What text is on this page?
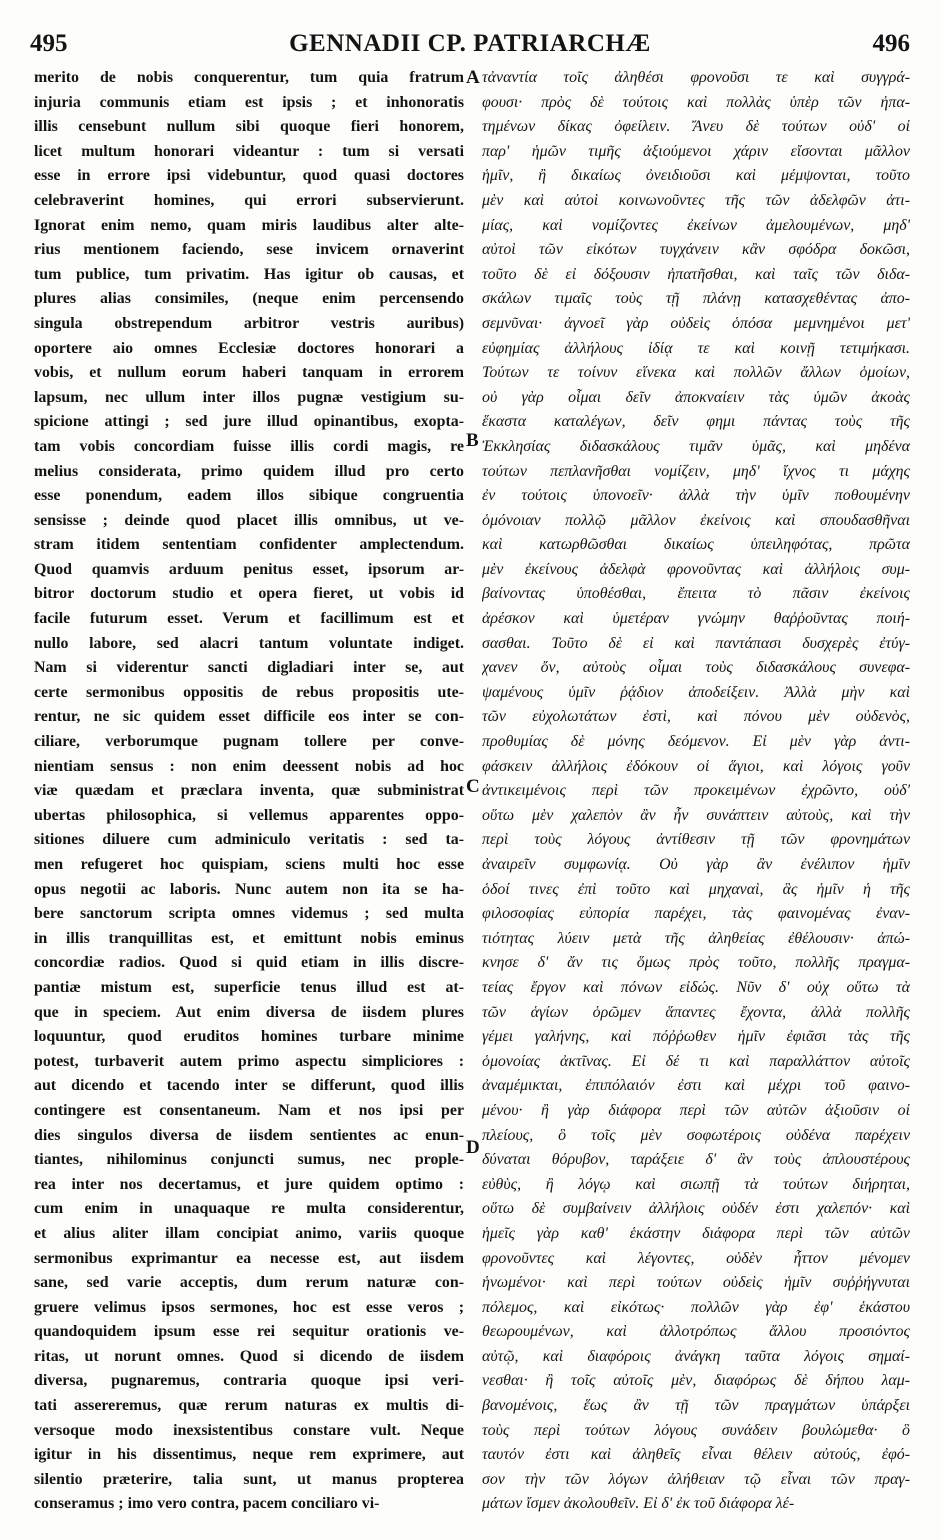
495	GENNADII CP. PATRIARCHÆ	496
merito de nobis conquerentur, tum quia fratrum
injuria communis etiam est ipsis ; et inhonoratis
illis censebunt nullum sibi quoque fieri honorem,
licet multum honorari videantur : tum si versati
esse in errore ipsi videbuntur, quod quasi doctores
celebraverint homines, qui errori subservierunt.
Ignorat enim nemo, quam miris laudibus alter alte-
rius mentionem faciendo, sese invicem ornaverint
tum publice, tum privatim. Has igitur ob causas, et
plures alias consimiles, (neque enim percensendo
singula obstrependum arbitror vestris auribus)
oportere aio omnes Ecclesiæ doctores honorari a
vobis, et nullum eorum haberi tanquam in errorem
lapsum, nec ullum inter illos pugnæ vestigium su-
spicione attingi ; sed jure illud opinantibus, exopta-
tam vobis concordiam fuisse illis cordi magis, re
melius considerata, primo quidem illud pro certo
esse ponendum, eadem illos sibique congruentia
sensisse ; deinde quod placet illis omnibus, ut ve-
stram itidem sententiam confidenter amplectendum.
Quod quamvis arduum penitus esset, ipsorum ar-
bitror doctorum studio et opera fieret, ut vobis id
facile futurum esset. Verum et facillimum est et
nullo labore, sed alacri tantum voluntate indiget.
Nam si viderentur sancti digladiari inter se, aut
certe sermonibus oppositis de rebus propositis ute-
rentur, ne sic quidem esset difficile eos inter se con-
ciliare, verborumque pugnam tollere per conve-
nientiam sensus : non enim deessent nobis ad hoc
viæ quædam et præclara inventa, quæ subministrat
ubertas philosophica, si vellemus apparentes oppo-
sitiones diluere cum adminiculo veritatis : sed ta-
men refugeret hoc quispiam, sciens multi hoc esse
opus negotii ac laboris. Nunc autem non ita se ha-
bere sanctorum scripta omnes videmus ; sed multa
in illis tranquillitas est, et emittunt nobis eminus
concordiæ radios. Quod si quid etiam in illis discre-
pantiæ mistum est, superficie tenus illud est at-
que in speciem. Aut enim diversa de iisdem plures
loquuntur, quod eruditos homines turbare minime
potest, turbaverit autem primo aspectu simpliciores :
aut dicendo et tacendo inter se differunt, quod illis
contingere est consentaneum. Nam et nos ipsi per
dies singulos diversa de iisdem sentientes ac enun-
tiantes, nihilominus conjuncti sumus, nec prople-
rea inter nos decertamus, et jure quidem optimo :
cum enim in unaquaque re multa considerentur,
et alius aliter illam concipiat animo, variis quoque
sermonibus exprimantur ea necesse est, aut iisdem
sane, sed varie acceptis, dum rerum naturæ con-
gruere velimus ipsos sermones, hoc est esse veros ;
quandoquidem ipsum esse rei sequitur orationis ve-
ritas, ut norunt omnes. Quod si dicendo de iisdem
diversa, pugnaremus, contraria quoque ipsi veri-
tati assereremus, quæ rerum naturas ex multis di-
versoque modo inexsistentibus constare vult. Neque
igitur in his dissentimus, neque rem exprimere, aut
silentio præterire, talia sunt, ut manus propterea
conseramus ; imo vero contra, pacem conciliaro vi-
τἀναντία τοῖς ἀληθέσι φρονοῦσι τε καὶ συγγρά-
φουσι· πρὸς δὲ τούτοις καὶ πολλὰς ὑπὲρ τῶν ἠπα-
τημένων δίκας ὀφείλειν. Ἄνευ δὲ τούτων οὐδ' οἱ
παρ' ἡμῶν τιμῆς ἀξιούμενοι χάριν εἴσονται μᾶλλον
ἡμῖν, ἢ δικαίως ὀνειδιοῦσι καὶ μέμψονται, τοῦτο
μὲν καὶ αὐτοὶ κοινωνοῦντες τῆς τῶν ἀδελφῶν ἀτι-
μίας, καὶ νομίζοντες ἐκείνων ἀμελουμένων, μηδ'
αὐτοὶ τῶν εἰκότων τυγχάνειν κἂν σφόδρα δοκῶσι,
τοῦτο δὲ εἰ δόξουσιν ἠπατῆσθαι, καὶ ταῖς τῶν διδα-
σκάλων τιμαῖς τοὺς τῇ πλάνῃ κατασχεθέντας ἀπο-
σεμνῦναι· ἀγνοεῖ γὰρ οὐδεὶς ὁπόσα μεμνημένοι μετ'
εὐφημίας ἀλλήλους ἰδίᾳ τε καὶ κοινῇ τετιμήκασι.
Τούτων τε τοίνυν εἵνεκα καὶ πολλῶν ἄλλων ὁμοίων,
οὐ γὰρ οἶμαι δεῖν ἀποκναίειν τὰς ὑμῶν ἀκοὰς
ἕκαστα καταλέγων, δεῖν φημι πάντας τοὺς τῆς
Ἐκκλησίας διδασκάλους τιμᾶν ὑμᾶς, καὶ μηδένα
τούτων πεπλανῆσθαι νομίζειν, μηδ' ἴχνος τι μάχης
ἐν τούτοις ὑπονοεῖν· ἀλλὰ τὴν ὑμῖν ποθουμένην
ὁμόνοιαν πολλῷ μᾶλλον ἐκείνοις καὶ σπουδασθῆναι
καὶ κατωρθῶσθαι δικαίως ὑπειληφότας, πρῶτα
μὲν ἐκείνους ἀδελφὰ φρονοῦντας καὶ ἀλλήλοις συμ-
βαίνοντας ὑποθέσθαι, ἔπειτα τὸ πᾶσιν ἐκείνοις
ἀρέσκον καὶ ὑμετέραν γνώμην θαῤῥοῦντας ποιή-
σασθαι. Τοῦτο δὲ εἰ καὶ παντάπασι δυσχερὲς ἐτύγ-
χανεν ὄν, αὐτοὺς οἶμαι τοὺς διδασκάλους συνεφα-
ψαμένους ὑμῖν ῥᾴδιον ἀποδείξειν. Ἀλλὰ μὴν καὶ
τῶν εὐχολωτάτων ἐστὶ, καὶ πόνου μὲν οὐδενὸς,
προθυμίας δὲ μόνης δεόμενον. Εἰ μὲν γὰρ ἀντι-
φάσκειν ἀλλήλοις ἐδόκουν οἱ ἅγιοι, καὶ λόγοις γοῦν
ἀντικειμένοις περὶ τῶν προκειμένων ἐχρῶντο, οὐδ'
οὕτω μὲν χαλεπὸν ἂν ἦν συνάπτειν αὐτοὺς, καὶ τὴν
περὶ τοὺς λόγους ἀντίθεσιν τῇ τῶν φρονημάτων
ἀναιρεῖν συμφωνίᾳ. Οὐ γὰρ ἂν ἐνέλιπον ἡμῖν
ὁδοί τινες ἐπὶ τοῦτο καὶ μηχαναὶ, ἃς ἡμῖν ἡ τῆς
φιλοσοφίας εὐπορία παρέχει, τὰς φαινομένας ἐναν-
τιότητας λύειν μετὰ τῆς ἀληθείας ἐθέλουσιν· ἀπώ-
κνησε δ' ἄν τις ὅμως πρὸς τοῦτο, πολλῆς πραγμα-
τείας ἔργον καὶ πόνων εἰδώς. Νῦν δ' οὐχ οὕτω τὰ
τῶν ἁγίων ὁρῶμεν ἅπαντες ἔχοντα, ἀλλὰ πολλῆς
γέμει γαλήνης, καὶ πόῤῥωθεν ἡμῖν ἐφιᾶσι τὰς τῆς
ὁμονοίας ἀκτῖνας. Εἰ δέ τι καὶ παραλλάττον αὐτοῖς
ἀναμέμικται, ἐπιπόλαιόν ἐστι καὶ μέχρι τοῦ φαινο-
μένου· ἢ γὰρ διάφορα περὶ τῶν αὐτῶν ἀξιοῦσιν οἱ
πλείους, ὃ τοῖς μὲν σοφωτέροις οὐδένα παρέχειν
δύναται θόρυβον, ταράξειε δ' ἂν τοὺς ἁπλουστέρους
εὐθὺς, ἢ λόγῳ καὶ σιωπῇ τὰ τούτων διήρηται,
οὕτω δὲ συμβαίνειν ἀλλήλοις οὐδέν ἐστι χαλεπόν· καὶ
ἡμεῖς γὰρ καθ' ἑκάστην διάφορα περὶ τῶν αὐτῶν
φρονοῦντες καὶ λέγοντες, οὐδὲν ἧττον μένομεν
ἡνωμένοι· καὶ περὶ τούτων οὐδεὶς ἡμῖν συῤῥήγνυται
πόλεμος, καὶ εἰκότως· πολλῶν γὰρ ἐφ' ἑκάστου
θεωρουμένων, καὶ ἀλλοτρόπως ἄλλου προσιόντος
αὐτῷ, καὶ διαφόροις ἀνάγκη ταῦτα λόγοις σημαί-
νεσθαι· ἢ τοῖς αὐτοῖς μὲν, διαφόρως δὲ δήπου λαμ-
βανομένοις, ἕως ἂν τῇ τῶν πραγμάτων ὑπάρξει
τοὺς περὶ τούτων λόγους συνάδειν βουλώμεθα· ὃ
ταυτόν ἐστι καὶ ἀληθεῖς εἶναι θέλειν αὐτούς, ἐφό-
σον τὴν τῶν λόγων ἀλήθειαν τῷ εἶναι τῶν πραγ-
μάτων ἴσμεν ἀκολουθεῖν. Εἰ δ' ἐκ τοῦ διάφορα λέ-
A
B
C
D
